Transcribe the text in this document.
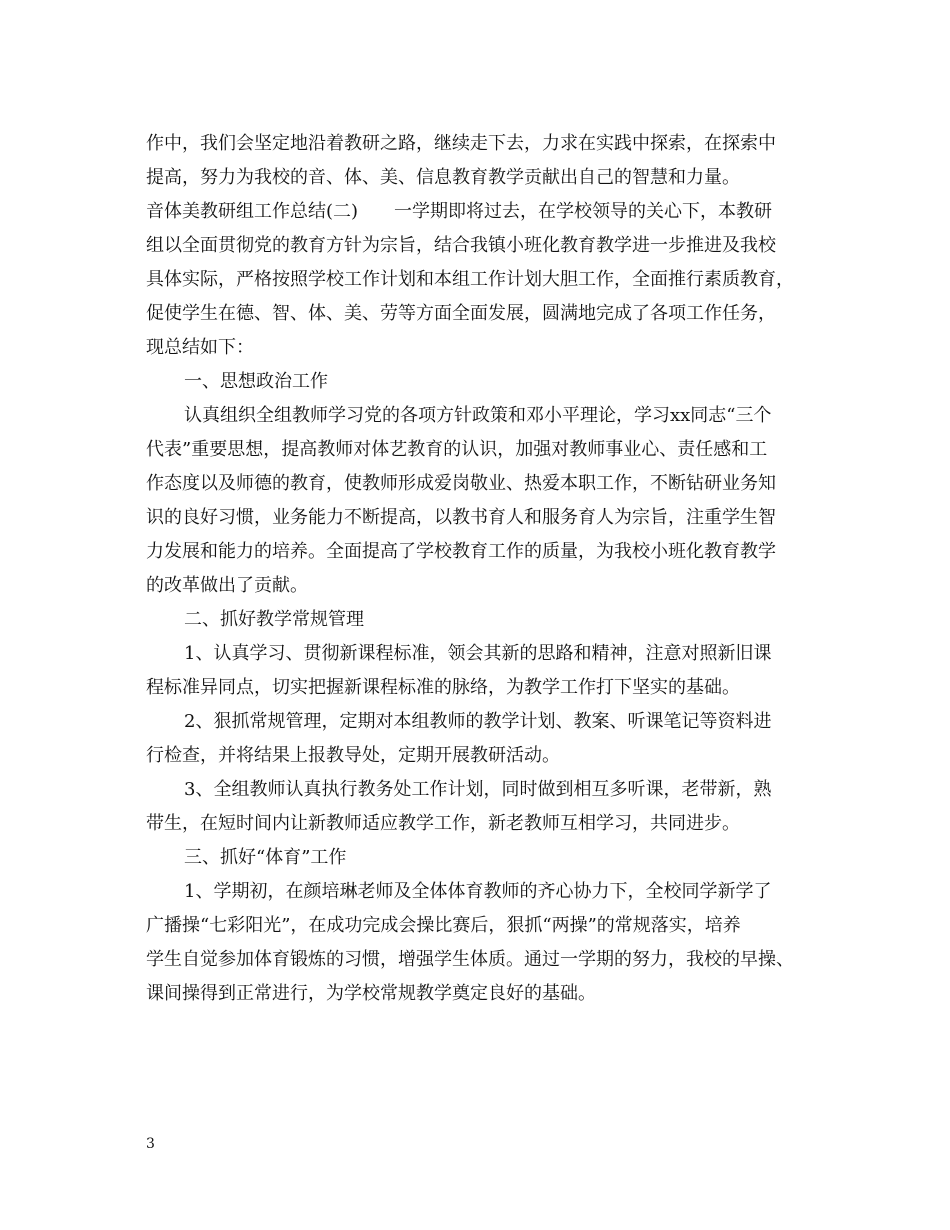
作中，我们会坚定地沿着教研之路，继续走下去，力求在实践中探索，在探索中
提高，努力为我校的音、体、美、信息教育教学贡献出自己的智慧和力量。
音体美教研组工作总结(二)　　一学期即将过去，在学校领导的关心下，本教研
组以全面贯彻党的教育方针为宗旨，结合我镇小班化教育教学进一步推进及我校
具体实际，严格按照学校工作计划和本组工作计划大胆工作，全面推行素质教育，
促使学生在德、智、体、美、劳等方面全面发展，圆满地完成了各项工作任务，
现总结如下：
一、思想政治工作
认真组织全组教师学习党的各项方针政策和邓小平理论，学习xx同志“三个
代表”重要思想，提高教师对体艺教育的认识，加强对教师事业心、责任感和工
作态度以及师德的教育，使教师形成爱岗敬业、热爱本职工作，不断钻研业务知
识的良好习惯，业务能力不断提高，以教书育人和服务育人为宗旨，注重学生智
力发展和能力的培养。全面提高了学校教育工作的质量，为我校小班化教育教学
的改革做出了贡献。
二、抓好教学常规管理
1、认真学习、贯彻新课程标准，领会其新的思路和精神，注意对照新旧课
程标准异同点，切实把握新课程标准的脉络，为教学工作打下坚实的基础。
2、狠抓常规管理，定期对本组教师的教学计划、教案、听课笔记等资料进
行检查，并将结果上报教导处，定期开展教研活动。
3、全组教师认真执行教务处工作计划，同时做到相互多听课，老带新，熟
带生，在短时间内让新教师适应教学工作，新老教师互相学习，共同进步。
三、抓好“体育”工作
1、学期初，在颜培琳老师及全体体育教师的齐心协力下，全校同学新学了
广播操“七彩阳光”，在成功完成会操比赛后，狠抓“两操”的常规落实，培养
学生自觉参加体育锻炼的习惯，增强学生体质。通过一学期的努力，我校的早操、
课间操得到正常进行，为学校常规教学奠定良好的基础。
3
